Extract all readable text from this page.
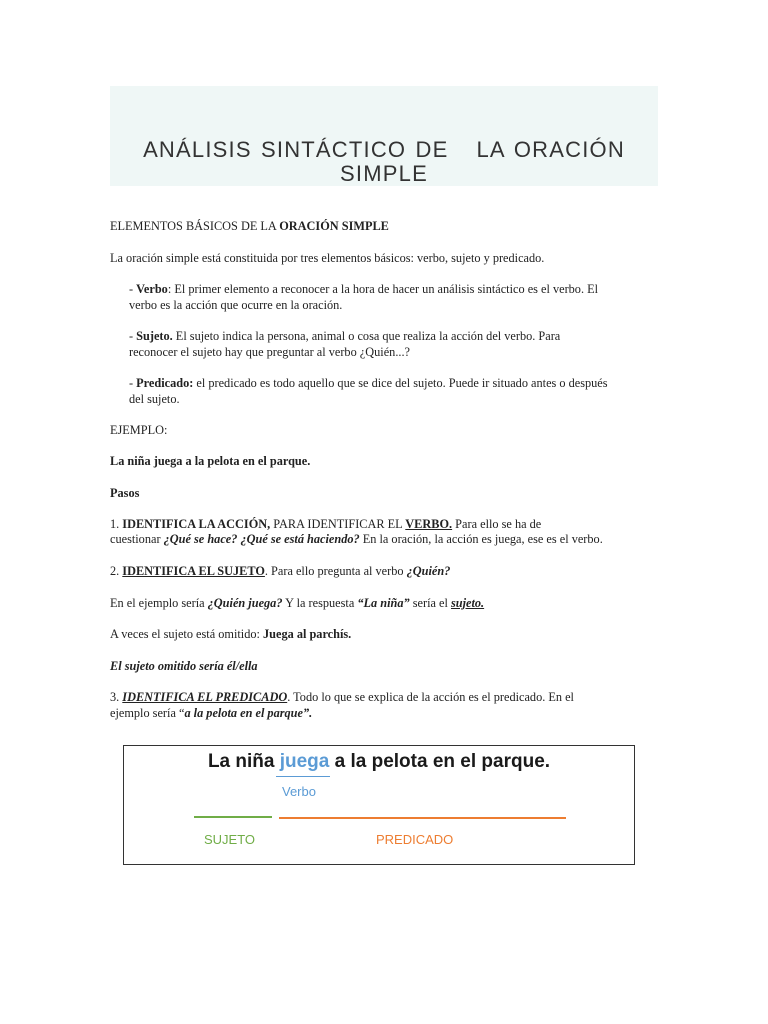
ANÁLISIS SINTÁCTICO DE   LA ORACIÓN
SIMPLE
ELEMENTOS BÁSICOS DE LA ORACIÓN SIMPLE
La oración simple está constituida por tres elementos básicos: verbo, sujeto y predicado.
- Verbo: El primer elemento a reconocer a la hora de hacer un análisis sintáctico es el verbo. El
verbo es la acción que ocurre en la oración.
- Sujeto. El sujeto indica la persona, animal o cosa que realiza la acción del verbo. Para
reconocer el sujeto hay que preguntar al verbo ¿Quién...?
- Predicado: el predicado es todo aquello que se dice del sujeto. Puede ir situado antes o después
del sujeto.
EJEMPLO:
La niña juega a la pelota en el parque.
Pasos
1. IDENTIFICA LA ACCIÓN, PARA IDENTIFICAR EL VERBO. Para ello se ha de
cuestionar ¿Qué se hace? ¿Qué se está haciendo? En la oración, la acción es juega, ese es el verbo.
2. IDENTIFICA EL SUJETO. Para ello pregunta al verbo ¿Quién?
En el ejemplo sería ¿Quién juega? Y la respuesta “La niña” sería el sujeto.
A veces el sujeto está omitido: Juega al parchís.
El sujeto omitido sería él/ella
3. IDENTIFICA EL PREDICADO. Todo lo que se explica de la acción es el predicado. En el
ejemplo sería “a la pelota en el parque”.
La niña juega a la pelota en el parque.
Verbo
SUJETO	PREDICADO
